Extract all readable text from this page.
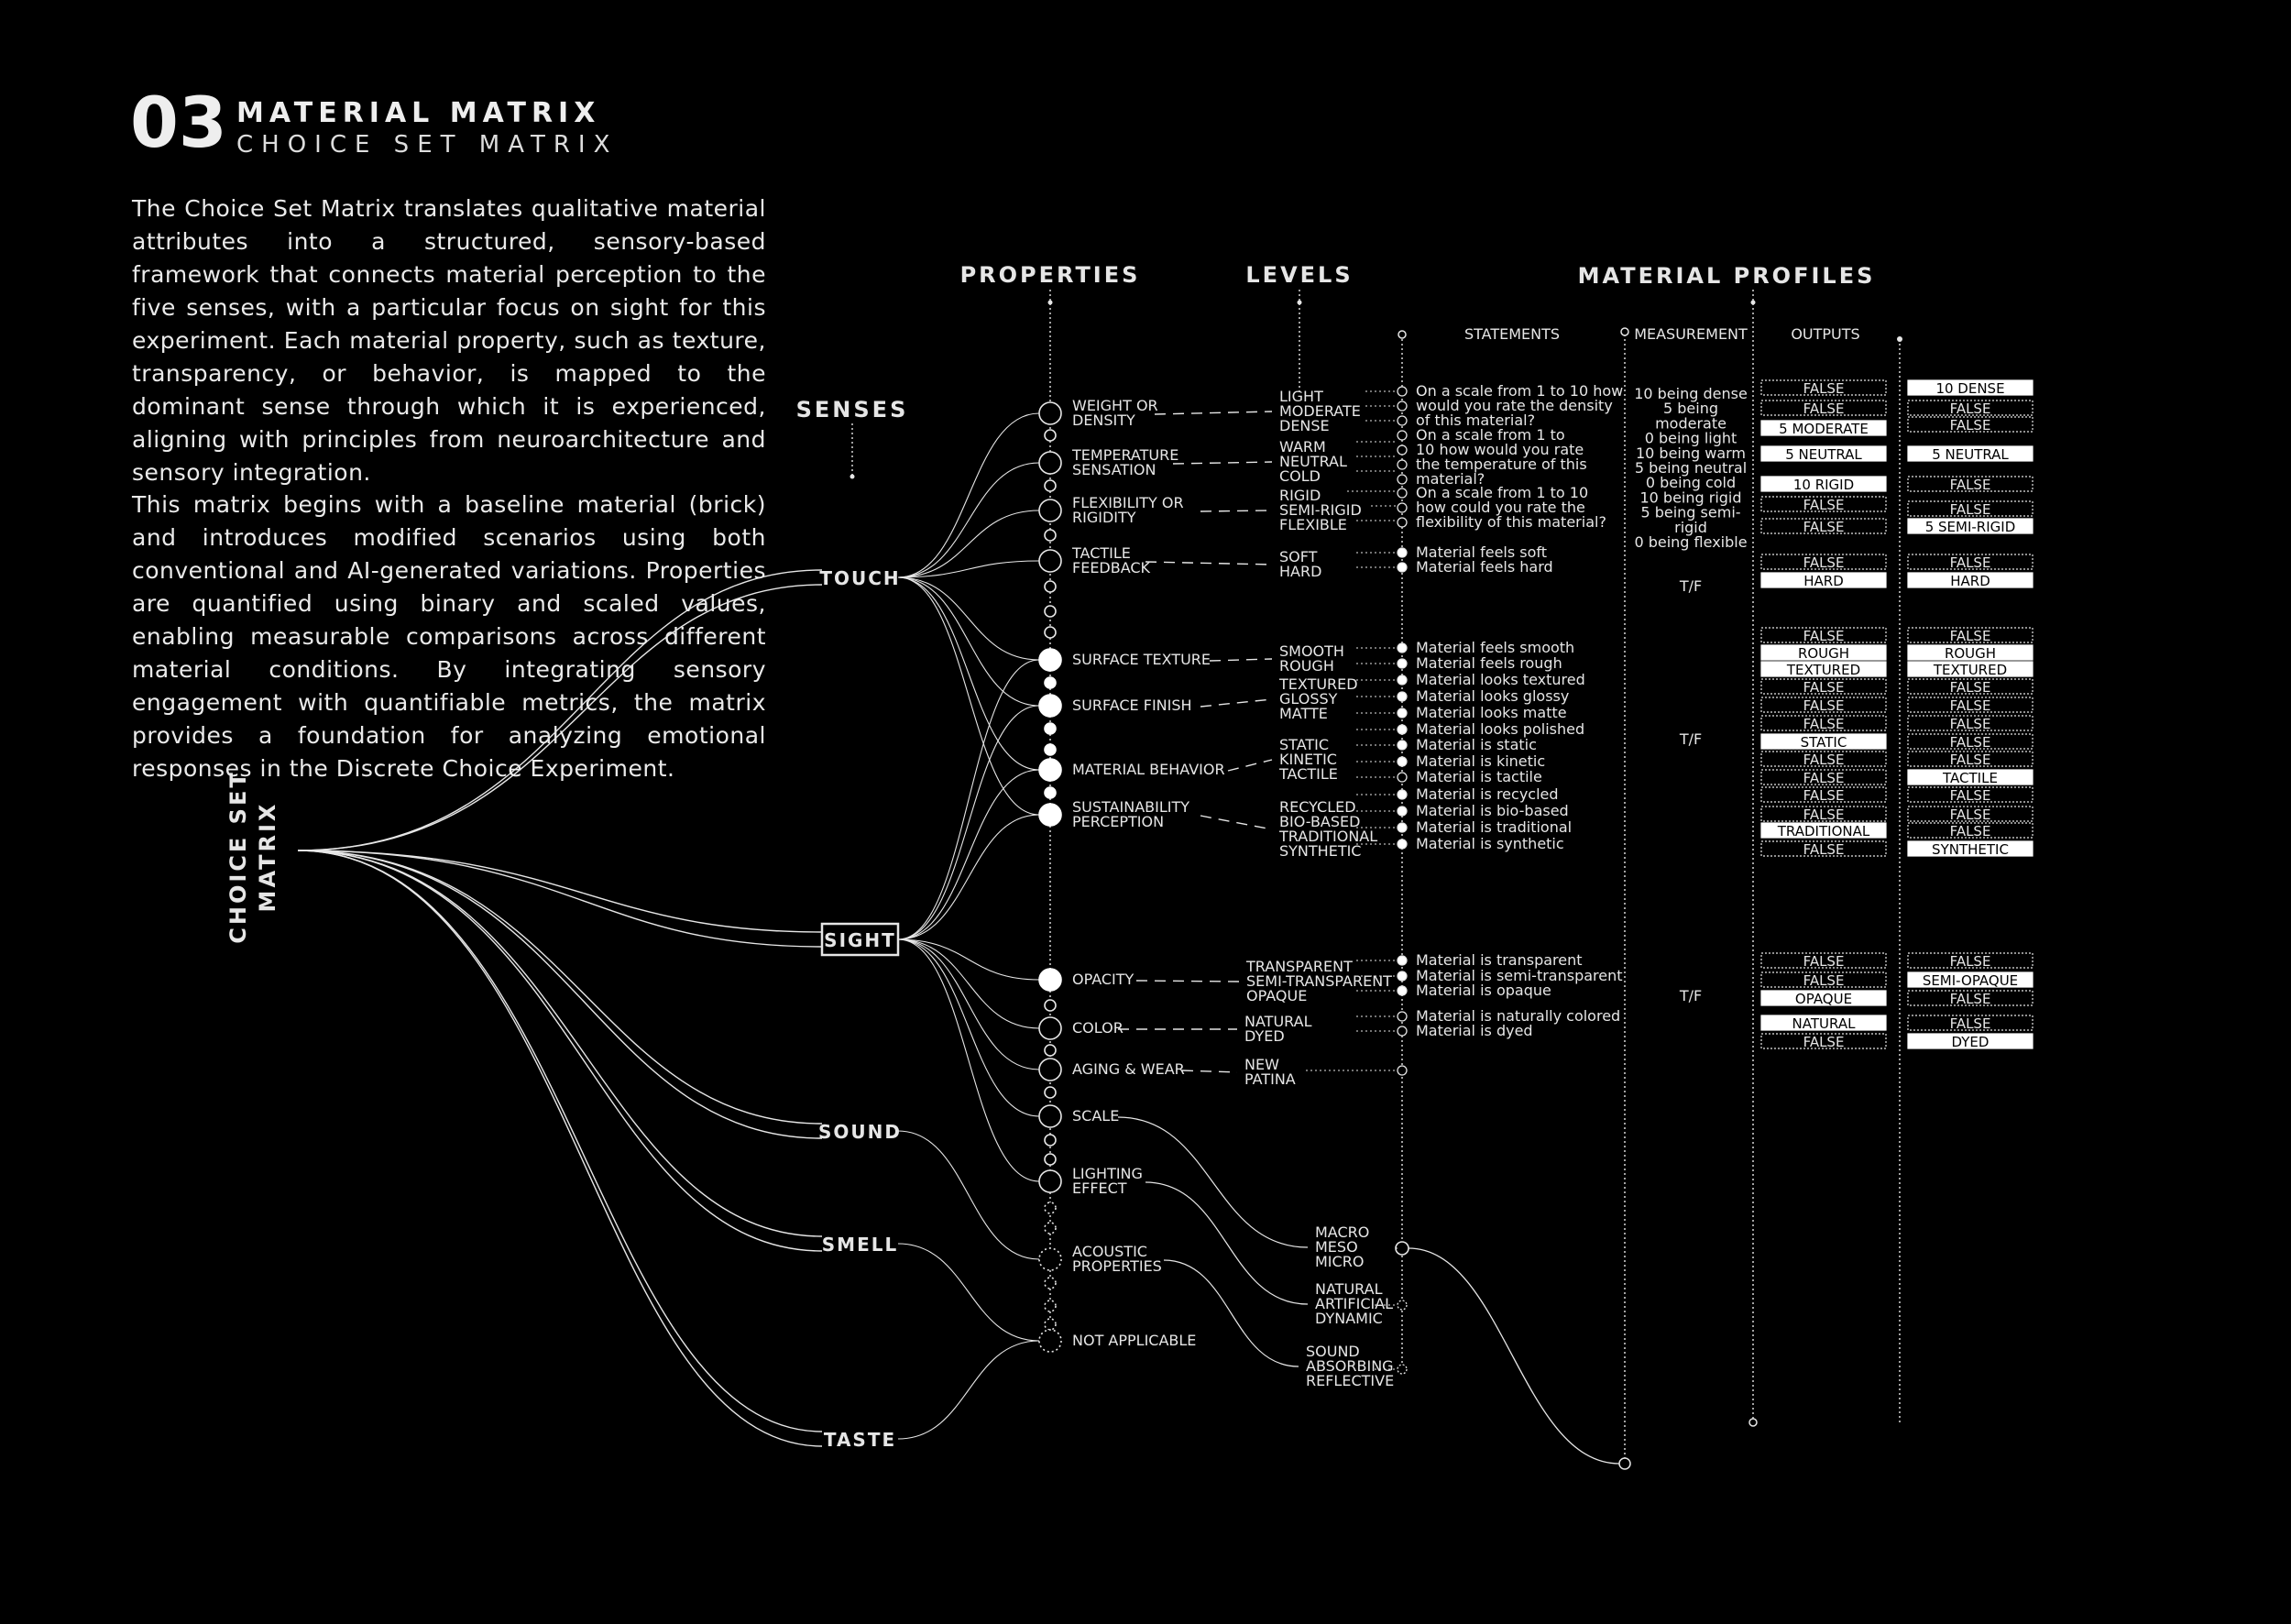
03 MATERIAL MATRIX
CHOICE SET MATRIX
CHOICE SET MATRIX
SENSES
TOUCH
SIGHT
SOUND
SMELL
TASTE
PROPERTIES
WEIGHT OR
DENSITY
TEMPERATURE
SENSATION
FLEXIBILITY OR
RIGIDITY
TACTILE
FEEDBACK
SURFACE TEXTURE
SURFACE FINISH
MATERIAL BEHAVIOR
SUSTAINABILITY
PERCEPTION
OPACITY
COLOR
AGING & WEAR
SCALE
LIGHTING
EFFECT
ACOUSTIC
PROPERTIES
NOT APPLICABLE
LEVELS
LIGHT
MODERATE
DENSE
WARM
NEUTRAL
COLD
RIGID
SEMI-RIGID
FLEXIBLE
SOFT
HARD
SMOOTH
ROUGH
TEXTURED
GLOSSY
MATTE
STATIC
KINETIC
TACTILE
RECYCLED
BIO-BASED
TRADITIONAL
SYNTHETIC
TRANSPARENT
SEMI-TRANSPARENT
OPAQUE
NATURAL
DYED
NEW
PATINA
MACRO
MESO
MICRO
NATURAL
ARTIFICIAL
DYNAMIC
SOUND
ABSORBING
REFLECTIVE
STATEMENTS
On a scale from 1 to 10 how
would you rate the density
of this material?
On a scale from 1 to
10 how would you rate
the temperature of this
material?
On a scale from 1 to 10
how could you rate the
flexibility of this material?
Material feels soft
Material feels hard
Material feels smooth
Material feels rough
Material looks textured
Material looks glossy
Material looks matte
Material looks polished
Material is static
Material is kinetic
Material is tactile
Material is recycled
Material is bio-based
Material is traditional
Material is synthetic
Material is transparent
Material is semi-transparent
Material is opaque
Material is naturally colored
Material is dyed
MATERIAL PROFILES
MEASUREMENT	OUTPUTS
10 being dense
5 being
moderate
0 being light
10 being warm
5 being neutral
0 being cold
10 being rigid
5 being semi-
rigid
0 being flexible
T/F
T/F
T/F
FALSE
FALSE
5 MODERATE
5 NEUTRAL
10 RIGID
FALSE
FALSE
FALSE
HARD
FALSE
ROUGH
TEXTURED
FALSE
FALSE
FALSE
STATIC
FALSE
FALSE
FALSE
FALSE
TRADITIONAL
FALSE
FALSE
FALSE
OPAQUE
NATURAL
FALSE
10 DENSE
FALSE
FALSE
5 NEUTRAL
FALSE
FALSE
5 SEMI-RIGID
FALSE
HARD
FALSE
ROUGH
TEXTURED
FALSE
FALSE
FALSE
FALSE
FALSE
TACTILE
FALSE
FALSE
FALSE
SYNTHETIC
FALSE
SEMI-OPAQUE
FALSE
FALSE
DYED
The Choice Set Matrix translates qualitative material attributes into a structured, sensory-based framework that connects material perception to the five senses, with a particular focus on sight for this experiment. Each material property, such as texture, transparency, or behavior, is mapped to the dominant sense through which it is experienced, aligning with principles from neuroarchitecture and sensory integration.
This matrix begins with a baseline material (brick) and introduces modified scenarios using both conventional and AI-generated variations. Properties are quantified using binary and scaled values, enabling measurable comparisons across different material conditions. By integrating sensory engagement with quantifiable metrics, the matrix provides a foundation for analyzing emotional responses in the Discrete Choice Experiment.
